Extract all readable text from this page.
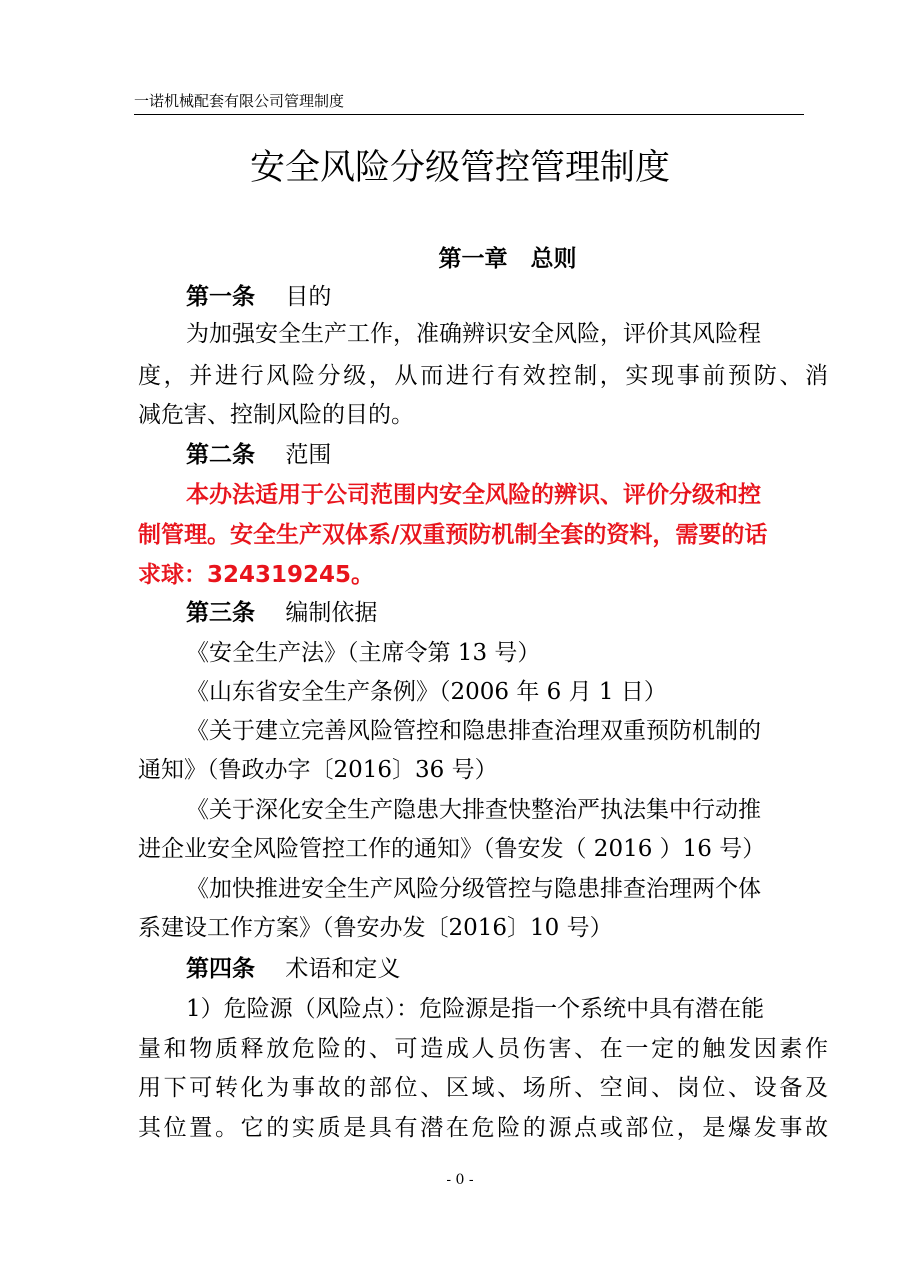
一诺机械配套有限公司管理制度
安全风险分级管控管理制度
第一章　总则
第一条　 目的
为加强安全生产工作，准确辨识安全风险，评价其风险程
度，并进行风险分级，从而进行有效控制，实现事前预防、消
减危害、控制风险的目的。
第二条　 范围
本办法适用于公司范围内安全风险的辨识、评价分级和控
制管理。安全生产双体系/双重预防机制全套的资料，需要的话
求球：324319245。
第三条　 编制依据
《安全生产法》（主席令第 13 号）
《山东省安全生产条例》（2006 年 6 月 1 日）
《关于建立完善风险管控和隐患排查治理双重预防机制的
通知》（鲁政办字〔2016〕36 号）
《关于深化安全生产隐患大排查快整治严执法集中行动推
进企业安全风险管控工作的通知》（鲁安发（ 2016 ）16 号）
《加快推进安全生产风险分级管控与隐患排查治理两个体
系建设工作方案》（鲁安办发〔2016〕10 号）
第四条　 术语和定义
1）危险源（风险点）：危险源是指一个系统中具有潜在能
量和物质释放危险的、可造成人员伤害、在一定的触发因素作
用下可转化为事故的部位、区域、场所、空间、岗位、设备及
其位置。它的实质是具有潜在危险的源点或部位，是爆发事故
- 0 -
